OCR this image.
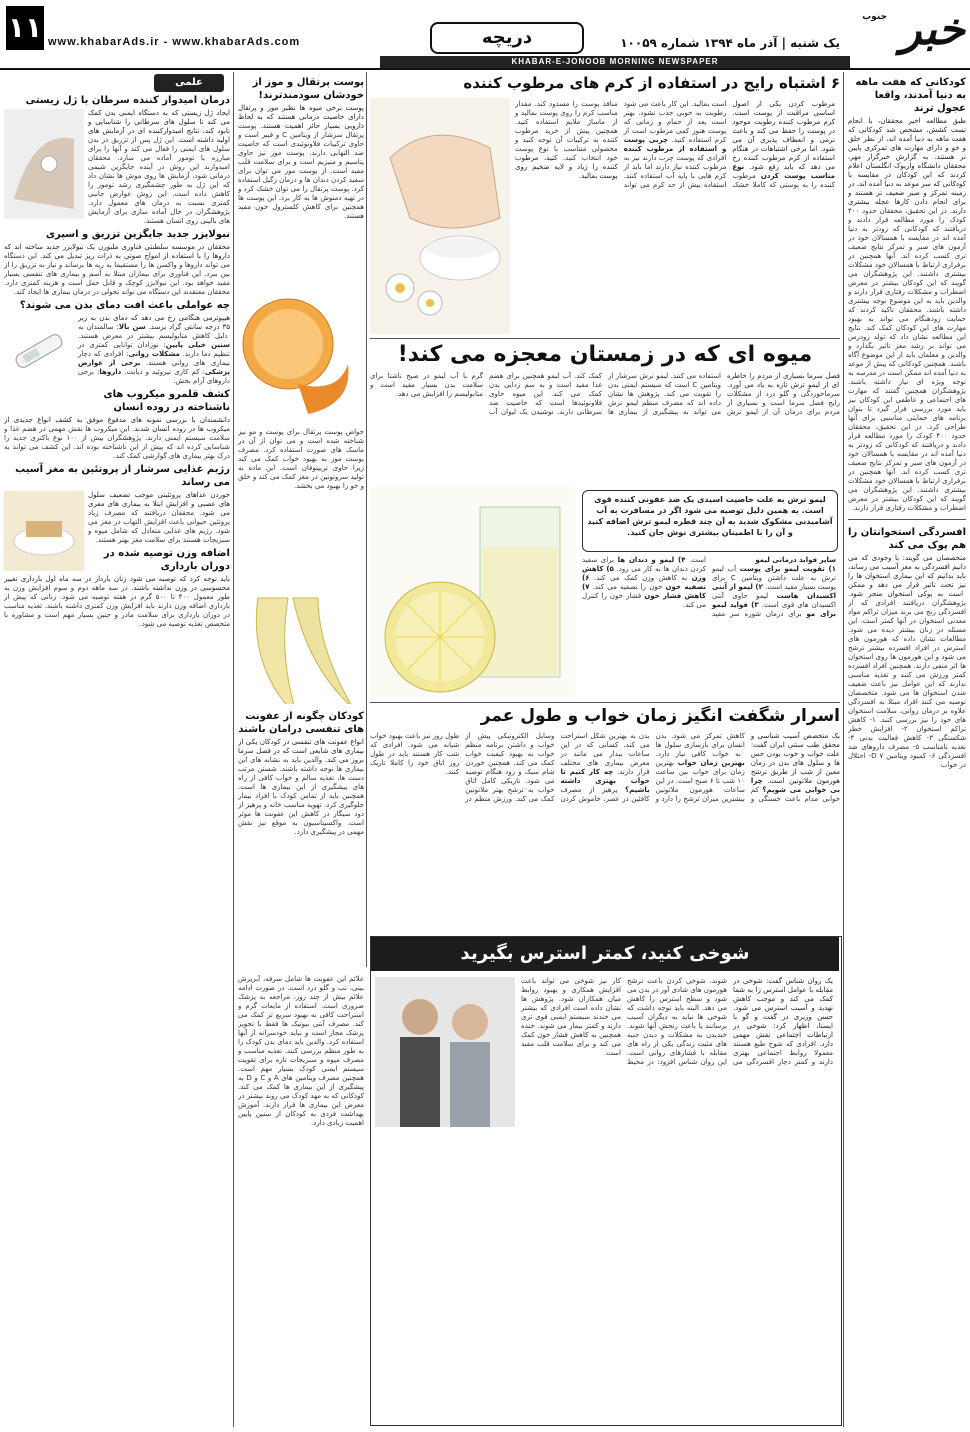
۱۱ www.khabarAds.ir - www.khabarAds.com	دریچه	یک شنبه | آذر ماه ۱۳۹۴ شماره ۱۰۰۵۹	خبر
جنوب
KHABAR-E-JONOOB MORNING NEWSPAPER
کودکانی که هفت ماهه به دنیا آمدند، واقعا عجول ترند
طبق مطالعه اخیر محققان، با انجام تست کشش، مشخص شد کودکانی که هفت ماهه به دنیا آمده اند، از نظر خلق و خو و دارای مهارت های تمرکزی پایین تر هستند. به گزارش خبرگزار مهر، محققان دانشگاه واریوک انگلستان اعلام کردند که این کودکان در مقایسه با کودکانی که سر موعد به دنیا آمده اند، در زمینه تمرکز و صبر ضعیف تر هستند و برای انجام دادن کارها عجله بیشتری دارند. در این تحقیق، محققان حدود ۴۰۰ کودک را مورد مطالعه قرار دادند و دریافتند که کودکانی که زودتر به دنیا آمده اند در مقایسه با همسالان خود در آزمون های صبر و تمرکز نتایج ضعیف تری کسب کرده اند. آنها همچنین در برقراری ارتباط با همسالان خود مشکلات بیشتری داشتند. این پژوهشگران می گویند که این کودکان بیشتر در معرض اضطراب و مشکلات رفتاری قرار دارند و والدین باید به این موضوع توجه بیشتری داشته باشند. محققان تاکید کردند که حمایت زودهنگام می تواند به بهبود مهارت های این کودکان کمک کند. نتایج این مطالعه نشان داد که تولد زودرس می تواند بر رشد مغز تاثیر بگذارد و والدین و معلمان باید از این موضوع آگاه باشند. همچنین کودکانی که پیش از موعد به دنیا آمده اند ممکن است در مدرسه به توجه ویژه ای نیاز داشته باشند. پژوهشگران همچنین گفتند که مهارت های اجتماعی و عاطفی این کودکان نیز باید مورد بررسی قرار گیرد تا بتوان برنامه های حمایتی مناسبی برای آنها طراحی کرد. در این تحقیق، محققان حدود ۴۰۰ کودک را مورد مطالعه قرار دادند و دریافتند که کودکانی که زودتر به دنیا آمده اند در مقایسه با همسالان خود در آزمون های صبر و تمرکز نتایج ضعیف تری کسب کرده اند. آنها همچنین در برقراری ارتباط با همسالان خود مشکلات بیشتری داشتند. این پژوهشگران می گویند که این کودکان بیشتر در معرض اضطراب و مشکلات رفتاری قرار دارند.
افسردگی استخوانتان را هم پوک می کند
متخصصان می گویند: با وجودی که می دانیم افسردگی به مغز آسیب می رساند، باید بدانیم که این بیماری استخوان ها را نیز تحت تاثیر قرار می دهد و ممکن است به پوکی استخوان منجر شود. پژوهشگران دریافتند افرادی که از افسردگی رنج می برند میزان تراکم مواد معدنی استخوان در آنها کمتر است. این مسئله در زنان بیشتر دیده می شود. مطالعات نشان داده که هورمون های استرس در افراد افسرده بیشتر ترشح می شود و این هورمون ها روی استخوان ها اثر منفی دارند. همچنین افراد افسرده کمتر ورزش می کنند و تغذیه مناسبی ندارند که این عوامل نیز باعث ضعیف شدن استخوان ها می شود. متخصصان توصیه می کنند افراد مبتلا به افسردگی علاوه بر درمان روانی، سلامت استخوان های خود را نیز بررسی کنند. ۱- کاهش تراکم استخوان ۲- افزایش خطر شکستگی ۳- کاهش فعالیت بدنی ۴- تغذیه نامناسب ۵- مصرف داروهای ضد افسردگی ۶- کمبود ویتامین D ۷- اختلال در خواب
۶ اشتباه رایج در استفاده از کرم های مرطوب کننده
مرطوب کردن یکی از اصول اساسی مراقبت از پوست است. کرم مرطوب کننده رطوبت موجود در پوست را حفظ می کند و باعث نرمی و انعطاف پذیری آن می شود. اما برخی اشتباهات در هنگام استفاده از کرم مرطوب کننده رخ می دهد که باید رفع شود. نوع مناسب پوست کردن مرطوب کننده را به پوستی که کاملا خشک است بمالید. این کار باعث می شود رطوبت به خوبی جذب نشود. بهتر است بعد از حمام و زمانی که پوست هنوز کمی مرطوب است از کرم استفاده کنید. چربی پوست و استفاده از مرطوب کننده افرادی که پوست چرب دارند نیز به مرطوب کننده نیاز دارند اما باید از کرم هایی با پایه آب استفاده کنند. استفاده بیش از حد کرم می تواند منافذ پوست را مسدود کند. مقدار مناسب کرم را روی پوست بمالید و از ماساژ ملایم استفاده کنید. همچنین پیش از خرید مرطوب کننده به ترکیبات آن توجه کنید و محصولی متناسب با نوع پوست خود انتخاب کنید. کنید، مرطوب کننده را زیاد و لایه ضخیم روی پوست بمالید.
میوه ای که در زمستان معجزه می کند!
فصل سرما بسیاری از مردم را خاطره ای از لیمو ترش تازه به یاد می آورد. سرماخوردگی و گلو درد از مشکلات رایج فصل سرما است و بسیاری از مردم برای درمان آن از لیمو ترش استفاده می کنند. لیمو ترش سرشار از ویتامین C است که سیستم ایمنی بدن را تقویت می کند. پژوهش ها نشان داده اند که مصرف منظم لیمو ترش می تواند به پیشگیری از بیماری ها کمک کند. آب لیمو همچنین برای هضم غذا مفید است و به سم زدایی بدن کمک می کند. این میوه حاوی فلاونوئیدها است که خاصیت ضد سرطانی دارند. نوشیدن یک لیوان آب گرم با آب لیمو در صبح ناشتا برای سلامت بدن بسیار مفید است و متابولیسم را افزایش می دهد.
لیمو ترش به علت خاصیت اسیدی یک ضد عفونی کننده قوی است. به همین دلیل توصیه می شود اگر در مسافرت به آب آشامیدنی مشکوک شدید به آن چند قطره لیمو ترش اضافه کنید و آن را با اطمینان بیشتری نوش جان کنید.
سایر فواید درمانی لیمو
۱) تقویت لیمو برای پوست آب لیمو ترش به علت داشتن ویتامین C برای پوست بسیار مفید است. ۲) لیمو از آنتی اکسیدان هاست لیمو حاوی آنتی اکسیدان های قوی است. ۳) فواید لیمو برای مو برای درمان شوره سر مفید است. ۴) لیمو و دندان ها برای سفید کردن دندان ها به کار می رود. ۵) کاهش وزن به کاهش وزن کمک می کند. ۶) تصفیه خون خون را تصفیه می کند. ۷) کاهش فشار خون فشار خون را کنترل می کند.
پوست پرتقال و موز از خودشان سودمندترند!
پوست برخی میوه ها نظیر موز و پرتقال دارای خاصیت درمانی هستند که به لحاظ دارویی بسیار حائز اهمیت هستند. پوست پرتقال سرشار از ویتامین C و فیبر است و حاوی ترکیبات فلاونوئیدی است که خاصیت ضد التهابی دارند. پوست موز نیز حاوی پتاسیم و منیزیم است و برای سلامت قلب مفید است. از پوست موز می توان برای سفید کردن دندان ها و درمان زگیل استفاده کرد. پوست پرتقال را می توان خشک کرد و در تهیه دمنوش ها به کار برد. این پوست ها همچنین برای کاهش کلسترول خون مفید هستند.
خواص پوست پرتقال برای پوست و مو نیز شناخته شده است و می توان از آن در ماسک های صورت استفاده کرد. مصرف پوست موز به بهبود خواب کمک می کند زیرا حاوی تریپتوفان است. این ماده به تولید سروتونین در مغز کمک می کند و خلق و خو را بهبود می بخشد.
کودکان چگونه از عفونت های تنفسی درامان باشند
انواع عفونت های تنفسی در کودکان یکی از بیماری های شایعی است که در فصل سرما بروز می کند. والدین باید به نشانه های این بیماری ها توجه داشته باشند. شستن مرتب دست ها، تغذیه سالم و خواب کافی از راه های پیشگیری از این بیماری ها است. همچنین باید از تماس کودک با افراد بیمار جلوگیری کرد. تهویه مناسب خانه و پرهیز از دود سیگار در کاهش این عفونت ها موثر است. واکسیناسیون به موقع نیز نقش مهمی در پیشگیری دارد.
اسرار شگفت انگیز زمان خواب و طول عمر
یک متخصص آسیب شناسی و محقق طب سنتی ایران گفت: علت خواب و خوب بودن حس ها و سلول های بدن در زمان معین از شب از طریق ترشح هورمون ملاتونین است. چرا بی خوابی می شویم؟ کم خوابی مدام باعث خستگی و کاهش تمرکز می شود. بدن انسان برای بازسازی سلول ها به خواب کافی نیاز دارد. بهترین زمان خواب بهترین زمان برای خواب بین ساعت ۱۰ شب تا ۶ صبح است. در این ساعات هورمون ملاتونین بیشترین میزان ترشح را دارد و بدن به بهترین شکل استراحت می کند. کسانی که در این ساعات بیدار می مانند در معرض بیماری های مختلف قرار دارند. چه کار کنیم تا خواب بهتری داشته باشیم؟ پرهیز از مصرف کافئین در عصر، خاموش کردن وسایل الکترونیکی پیش از خواب و داشتن برنامه منظم خواب به بهبود کیفیت خواب کمک می کند. همچنین خوردن شام سبک و زود هنگام توصیه می شود. تاریکی کامل اتاق خواب به ترشح بهتر ملاتونین کمک می کند. ورزش منظم در طول روز نیز باعث بهبود خواب شبانه می شود. افرادی که شب کار هستند باید در طول روز اتاق خود را کاملا تاریک کنند.
شوخی کنید، کمتر استرس بگیرید
یک روان شناس گفت: شوخی در مقابله با عوامل استرس زا به شما کمک می کند و موجب کاهش تهدید و آسیب استرس می شود. حسن وزیری در گفت و گو با ایسنا، اظهار کرد: شوخی در ارتباطات اجتماعی نقش مهمی دارد. افرادی که شوخ طبع هستند معمولا روابط اجتماعی بهتری دارند و کمتر دچار افسردگی می شوند. شوخی کردن باعث ترشح هورمون های شادی آور در بدن می شود و سطح استرس را کاهش می دهد. البته باید توجه داشت که شوخی ها نباید به دیگران آسیب برسانند یا باعث رنجش آنها شوند. خندیدن به مشکلات و دیدن جنبه های مثبت زندگی یکی از راه های مقابله با فشارهای روانی است. این روان شناس افزود: در محیط کار نیز شوخی می تواند باعث افزایش همکاری و بهبود روابط میان همکاران شود. پژوهش ها نشان داده است افرادی که بیشتر می خندند سیستم ایمنی قوی تری دارند و کمتر بیمار می شوند. خنده همچنین به کاهش فشار خون کمک می کند و برای سلامت قلب مفید است.
علائم این عفونت ها شامل سرفه، آبریزش بینی، تب و گلو درد است. در صورت ادامه علائم بیش از چند روز، مراجعه به پزشک ضروری است. استفاده از مایعات گرم و استراحت کافی به بهبود سریع تر کمک می کند. مصرف آنتی بیوتیک ها فقط با تجویز پزشک مجاز است و نباید خودسرانه از آنها استفاده کرد. والدین باید دمای بدن کودک را به طور منظم بررسی کنند. تغذیه مناسب و مصرف میوه و سبزیجات تازه برای تقویت سیستم ایمنی کودک بسیار مهم است. همچنین مصرف ویتامین های A و C و D به پیشگیری از این بیماری ها کمک می کند. کودکانی که به مهد کودک می روند بیشتر در معرض این بیماری ها قرار دارند. آموزش بهداشت فردی به کودکان از سنین پایین اهمیت زیادی دارد.
علمی
درمان امیدوار کننده سرطان با ژل زیستی
ایجاد ژل زیستی که به دستگاه ایمنی بدن کمک می کند تا سلول های سرطانی را شناسایی و نابود کند، نتایج امیدوارکننده ای در آزمایش های اولیه داشته است. این ژل پس از تزریق در بدن سلول های ایمنی را فعال می کند و آنها را برای مبارزه با تومور آماده می سازد. محققان امیدوارند این روش در آینده جایگزین شیمی درمانی شود. آزمایش ها روی موش ها نشان داد که این ژل به طور چشمگیری رشد تومور را کاهش داده است. این روش عوارض جانبی کمتری نسبت به درمان های معمول دارد. پژوهشگران در حال آماده سازی برای آزمایش های بالینی روی انسان هستند.
نبولایزر جدید جایگزین تزریق و اسپری
محققان در موسسه سلطنتی فناوری ملبورن یک نبولایزر جدید ساخته اند که داروها را با استفاده از امواج صوتی به ذرات ریز تبدیل می کند. این دستگاه می تواند داروها و واکسن ها را مستقیما به ریه ها برساند و نیاز به تزریق را از بین ببرد. این فناوری برای بیماران مبتلا به آسم و بیماری های تنفسی بسیار مفید خواهد بود. این نبولایزر کوچک و قابل حمل است و هزینه کمتری دارد. محققان معتقدند این دستگاه می تواند تحولی در درمان بیماری ها ایجاد کند.
چه عواملی باعث افت دمای بدن می شوند؟
هیپوترمی هنگامی رخ می دهد که دمای بدن به زیر ۳۵ درجه سانتی گراد برسد. سن بالا: سالمندان به دلیل کاهش متابولیسم بیشتر در معرض هستند. سنین خیلی پایین: نوزادان توانایی کمتری در تنظیم دما دارند. مشکلات روانی: افرادی که دچار بیماری های روانی هستند. برخی از عوارض پزشکی: کم کاری تیروئید و دیابت. داروها: برخی داروهای آرام بخش.
کشف قلمرو میکروب های ناشناخته در روده انسان
دانشمندان با بررسی نمونه های مدفوع موفق به کشف انواع جدیدی از میکروب ها در روده انسان شدند. این میکروب ها نقش مهمی در هضم غذا و سلامت سیستم ایمنی دارند. پژوهشگران بیش از ۱۰۰ نوع باکتری جدید را شناسایی کرده اند که پیش از این ناشناخته بوده اند. این کشف می تواند به درک بهتر بیماری های گوارشی کمک کند.
رژیم غذایی سرشار از پروتئین به مغز آسیب می رساند
خوردن غذاهای پروتئینی موجب تضعیف سلول های عصبی و افزایش ابتلا به بیماری های مغزی می شود. محققان دریافتند که مصرف زیاد پروتئین حیوانی باعث افزایش التهاب در مغز می شود. رژیم های غذایی متعادل که شامل میوه و سبزیجات هستند برای سلامت مغز بهتر هستند.
اضافه وزن توصیه شده در دوران بارداری
باید توجه کرد که توصیه می شود زنان باردار در سه ماه اول بارداری تغییر محسوسی در وزن نداشته باشند. در سه ماهه دوم و سوم افزایش وزن به طور معمول ۴۰۰ تا ۵۰۰ گرم در هفته توصیه می شود. زنانی که پیش از بارداری اضافه وزن دارند باید افزایش وزن کمتری داشته باشند. تغذیه مناسب در دوران بارداری برای سلامت مادر و جنین بسیار مهم است و مشاوره با متخصص تغذیه توصیه می شود.
